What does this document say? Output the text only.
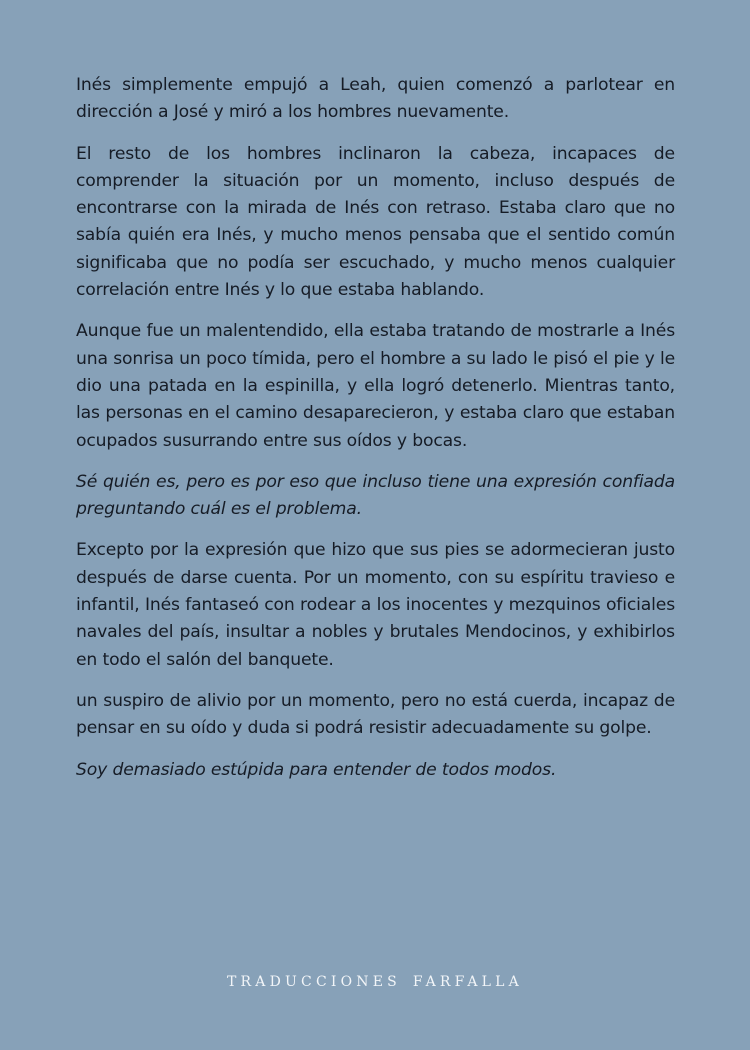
Inés simplemente empujó a Leah, quien comenzó a parlotear en dirección a José y miró a los hombres nuevamente.

El resto de los hombres inclinaron la cabeza, incapaces de comprender la situación por un momento, incluso después de encontrarse con la mirada de Inés con retraso. Estaba claro que no sabía quién era Inés, y mucho menos pensaba que el sentido común significaba que no podía ser escuchado, y mucho menos cualquier correlación entre Inés y lo que estaba hablando.

Aunque fue un malentendido, ella estaba tratando de mostrarle a Inés una sonrisa un poco tímida, pero el hombre a su lado le pisó el pie y le dio una patada en la espinilla, y ella logró detenerlo. Mientras tanto, las personas en el camino desaparecieron, y estaba claro que estaban ocupados susurrando entre sus oídos y bocas.

Sé quién es, pero es por eso que incluso tiene una expresión confiada preguntando cuál es el problema.

Excepto por la expresión que hizo que sus pies se adormecieran justo después de darse cuenta. Por un momento, con su espíritu travieso e infantil, Inés fantaseó con rodear a los inocentes y mezquinos oficiales navales del país, insultar a nobles y brutales Mendocinos, y exhibirlos en todo el salón del banquete.

un suspiro de alivio por un momento, pero no está cuerda, incapaz de pensar en su oído y duda si podrá resistir adecuadamente su golpe.

Soy demasiado estúpida para entender de todos modos.

TRADUCCIONES FARFALLA
